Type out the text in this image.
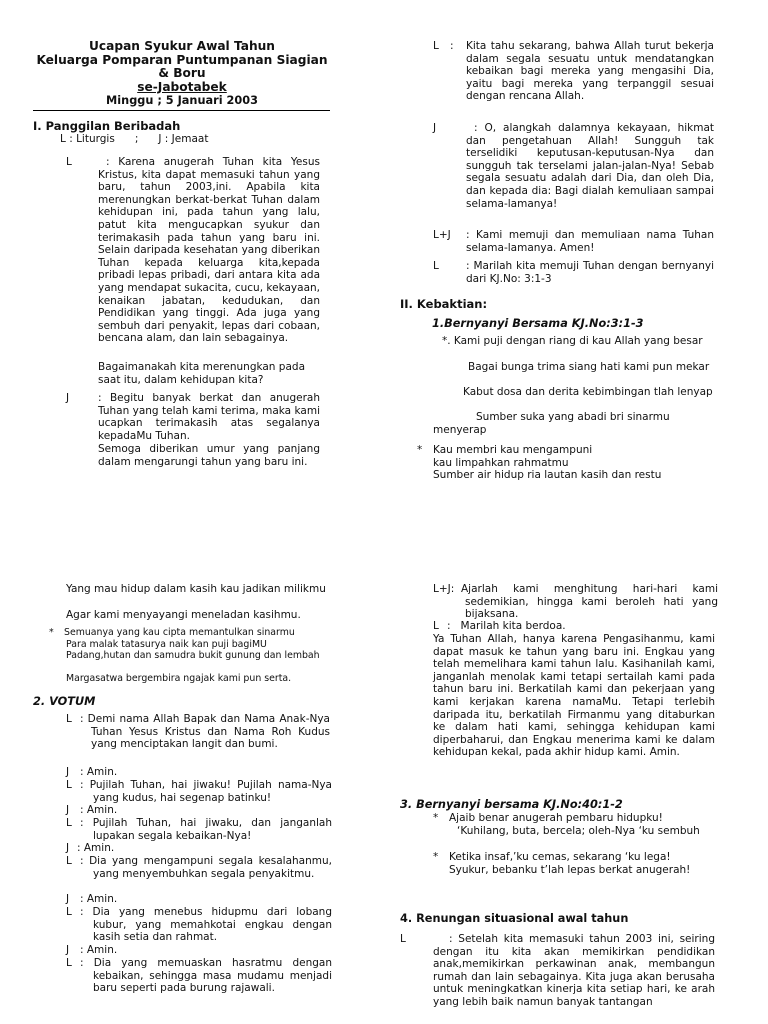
Ucapan Syukur Awal Tahun
Keluarga Pomparan Puntumpanan Siagian
& Boru
se-Jabotabek
Minggu ; 5 Januari 2003
I. Panggilan Beribadah
L : Liturgis      ;      J : Jemaat
L	: Karena anugerah Tuhan kita Yesus Kristus, kita dapat memasuki tahun yang baru, tahun 2003,ini. Apabila kita merenungkan berkat-berkat Tuhan dalam kehidupan ini, pada tahun yang lalu, patut kita mengucapkan syukur dan terimakasih pada tahun yang baru ini. Selain daripada kesehatan yang diberikan Tuhan kepada keluarga kita,kepada pribadi lepas pribadi, dari antara kita ada yang mendapat sukacita, cucu, kekayaan, kenaikan jabatan, kedudukan, dan Pendidikan yang tinggi. Ada juga yang sembuh dari penyakit, lepas dari cobaan, bencana alam, dan lain sebagainya.
Bagaimanakah kita merenungkan pada saat itu, dalam kehidupan kita?
J	: Begitu banyak berkat dan anugerah Tuhan yang telah kami terima, maka kami ucapkan terimakasih atas segalanya kepadaMu Tuhan.
Semoga diberikan umur yang panjang dalam mengarungi tahun yang baru ini.
L : Kita tahu sekarang, bahwa Allah turut bekerja dalam segala sesuatu untuk mendatangkan kebaikan bagi mereka yang mengasihi Dia, yaitu bagi mereka yang terpanggil sesuai dengan rencana Allah.
J	: O, alangkah dalamnya kekayaan, hikmat dan pengetahuan Allah! Sungguh tak terselidiki keputusan-keputusan-Nya dan sungguh tak terselami jalan-jalan-Nya! Sebab segala sesuatu adalah dari Dia, dan oleh Dia, dan kepada dia: Bagi dialah kemuliaan sampai selama-lamanya!
L+J : Kami memuji dan memuliaan nama Tuhan selama-lamanya. Amen!
L	: Marilah kita memuji Tuhan dengan bernyanyi dari KJ.No: 3:1-3
II. Kebaktian:
1.Bernyanyi Bersama KJ.No:3:1-3
*. Kami puji dengan riang di kau Allah yang besar
Bagai bunga trima siang hati kami pun mekar
Kabut dosa dan derita kebimbingan tlah lenyap
Sumber suka yang abadi bri sinarmu menyerap
* Kau membri kau mengampuni
kau limpahkan rahmatmu
Sumber air hidup ria lautan kasih dan restu
Yang mau hidup dalam kasih kau jadikan milikmu
Agar kami menyayangi meneladan kasihmu.
* Semuanya yang kau cipta memantulkan sinarmu
Para malak tatasurya naik kan puji bagiMU
Padang,hutan dan samudra bukit gunung dan lembah
Margasatwa bergembira ngajak kami pun serta.
2. VOTUM
L : Demi nama Allah Bapak dan Nama Anak-Nya Tuhan Yesus Kristus dan Nama Roh Kudus yang menciptakan langit dan bumi.
J : Amin.
L : Pujilah Tuhan, hai jiwaku! Pujilah nama-Nya yang kudus, hai segenap batinku!
J : Amin.
L : Pujilah Tuhan, hai jiwaku, dan janganlah lupakan segala kebaikan-Nya!
J : Amin.
L : Dia yang mengampuni segala kesalahanmu, yang menyembuhkan segala penyakitmu.
J : Amin.
L : Dia yang menebus hidupmu dari lobang kubur, yang memahkotai engkau dengan kasih setia dan rahmat.
J : Amin.
L : Dia yang memuaskan hasratmu dengan kebaikan, sehingga masa mudamu menjadi baru seperti pada burung rajawali.
L+J: Ajarlah kami menghitung hari-hari kami sedemikian, hingga kami beroleh hati yang bijaksana.
L :   Marilah kita berdoa.
Ya Tuhan Allah, hanya karena Pengasihanmu, kami dapat masuk ke tahun yang baru ini. Engkau yang telah memelihara kami tahun lalu. Kasihanilah kami, janganlah menolak kami tetapi sertailah kami pada tahun baru ini. Berkatilah kami dan pekerjaan yang kami kerjakan karena namaMu. Tetapi terlebih daripada itu, berkatilah Firmanmu yang ditaburkan ke dalam hati kami, sehingga kehidupan kami diperbaharui, dan Engkau menerima kami ke dalam kehidupan kekal, pada akhir hidup kami. Amin.
3. Bernyanyi bersama KJ.No:40:1-2
* Ajaib benar anugerah pembaru hidupku!
‘Kuhilang, buta, bercela; oleh-Nya ‘ku sembuh
* Ketika insaf,’ku cemas, sekarang ‘ku lega!
Syukur, bebanku t’lah lepas berkat anugerah!
4. Renungan situasional awal tahun
L	: Setelah kita memasuki tahun 2003 ini, seiring dengan itu kita akan memikirkan pendidikan anak,memikirkan perkawinan anak, membangun rumah dan lain sebagainya. Kita juga akan berusaha untuk meningkatkan kinerja kita setiap hari, ke arah yang lebih baik namun banyak tantangan
